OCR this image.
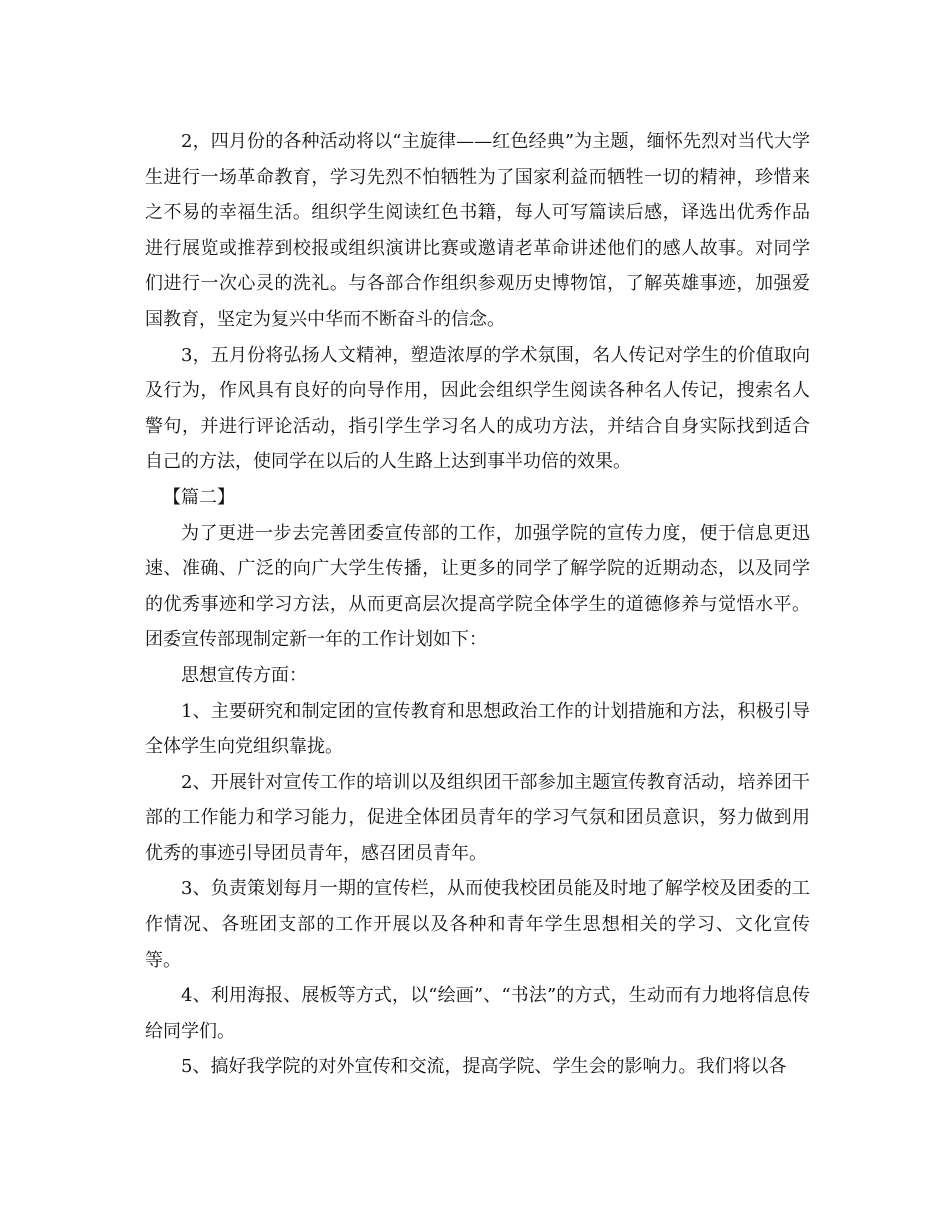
2，四月份的各种活动将以“主旋律——红色经典”为主题，缅怀先烈对当代大学生进行一场革命教育，学习先烈不怕牺牲为了国家利益而牺牲一切的精神，珍惜来之不易的幸福生活。组织学生阅读红色书籍，每人可写篇读后感，译选出优秀作品进行展览或推荐到校报或组织演讲比赛或邀请老革命讲述他们的感人故事。对同学们进行一次心灵的洗礼。与各部合作组织参观历史博物馆，了解英雄事迹，加强爱国教育，坚定为复兴中华而不断奋斗的信念。

3，五月份将弘扬人文精神，塑造浓厚的学术氛围，名人传记对学生的价值取向及行为，作风具有良好的向导作用，因此会组织学生阅读各种名人传记，搜索名人警句，并进行评论活动，指引学生学习名人的成功方法，并结合自身实际找到适合自己的方法，使同学在以后的人生路上达到事半功倍的效果。

【篇二】

为了更进一步去完善团委宣传部的工作，加强学院的宣传力度，便于信息更迅速、准确、广泛的向广大学生传播，让更多的同学了解学院的近期动态，以及同学的优秀事迹和学习方法，从而更高层次提高学院全体学生的道德修养与觉悟水平。团委宣传部现制定新一年的工作计划如下：

思想宣传方面：

1、主要研究和制定团的宣传教育和思想政治工作的计划措施和方法，积极引导全体学生向党组织靠拢。

2、开展针对宣传工作的培训以及组织团干部参加主题宣传教育活动，培养团干部的工作能力和学习能力，促进全体团员青年的学习气氛和团员意识，努力做到用优秀的事迹引导团员青年，感召团员青年。

3、负责策划每月一期的宣传栏，从而使我校团员能及时地了解学校及团委的工作情况、各班团支部的工作开展以及各种和青年学生思想相关的学习、文化宣传等。

4、利用海报、展板等方式，以“绘画”、“书法”的方式，生动而有力地将信息传给同学们。

5、搞好我学院的对外宣传和交流，提高学院、学生会的影响力。我们将以各
